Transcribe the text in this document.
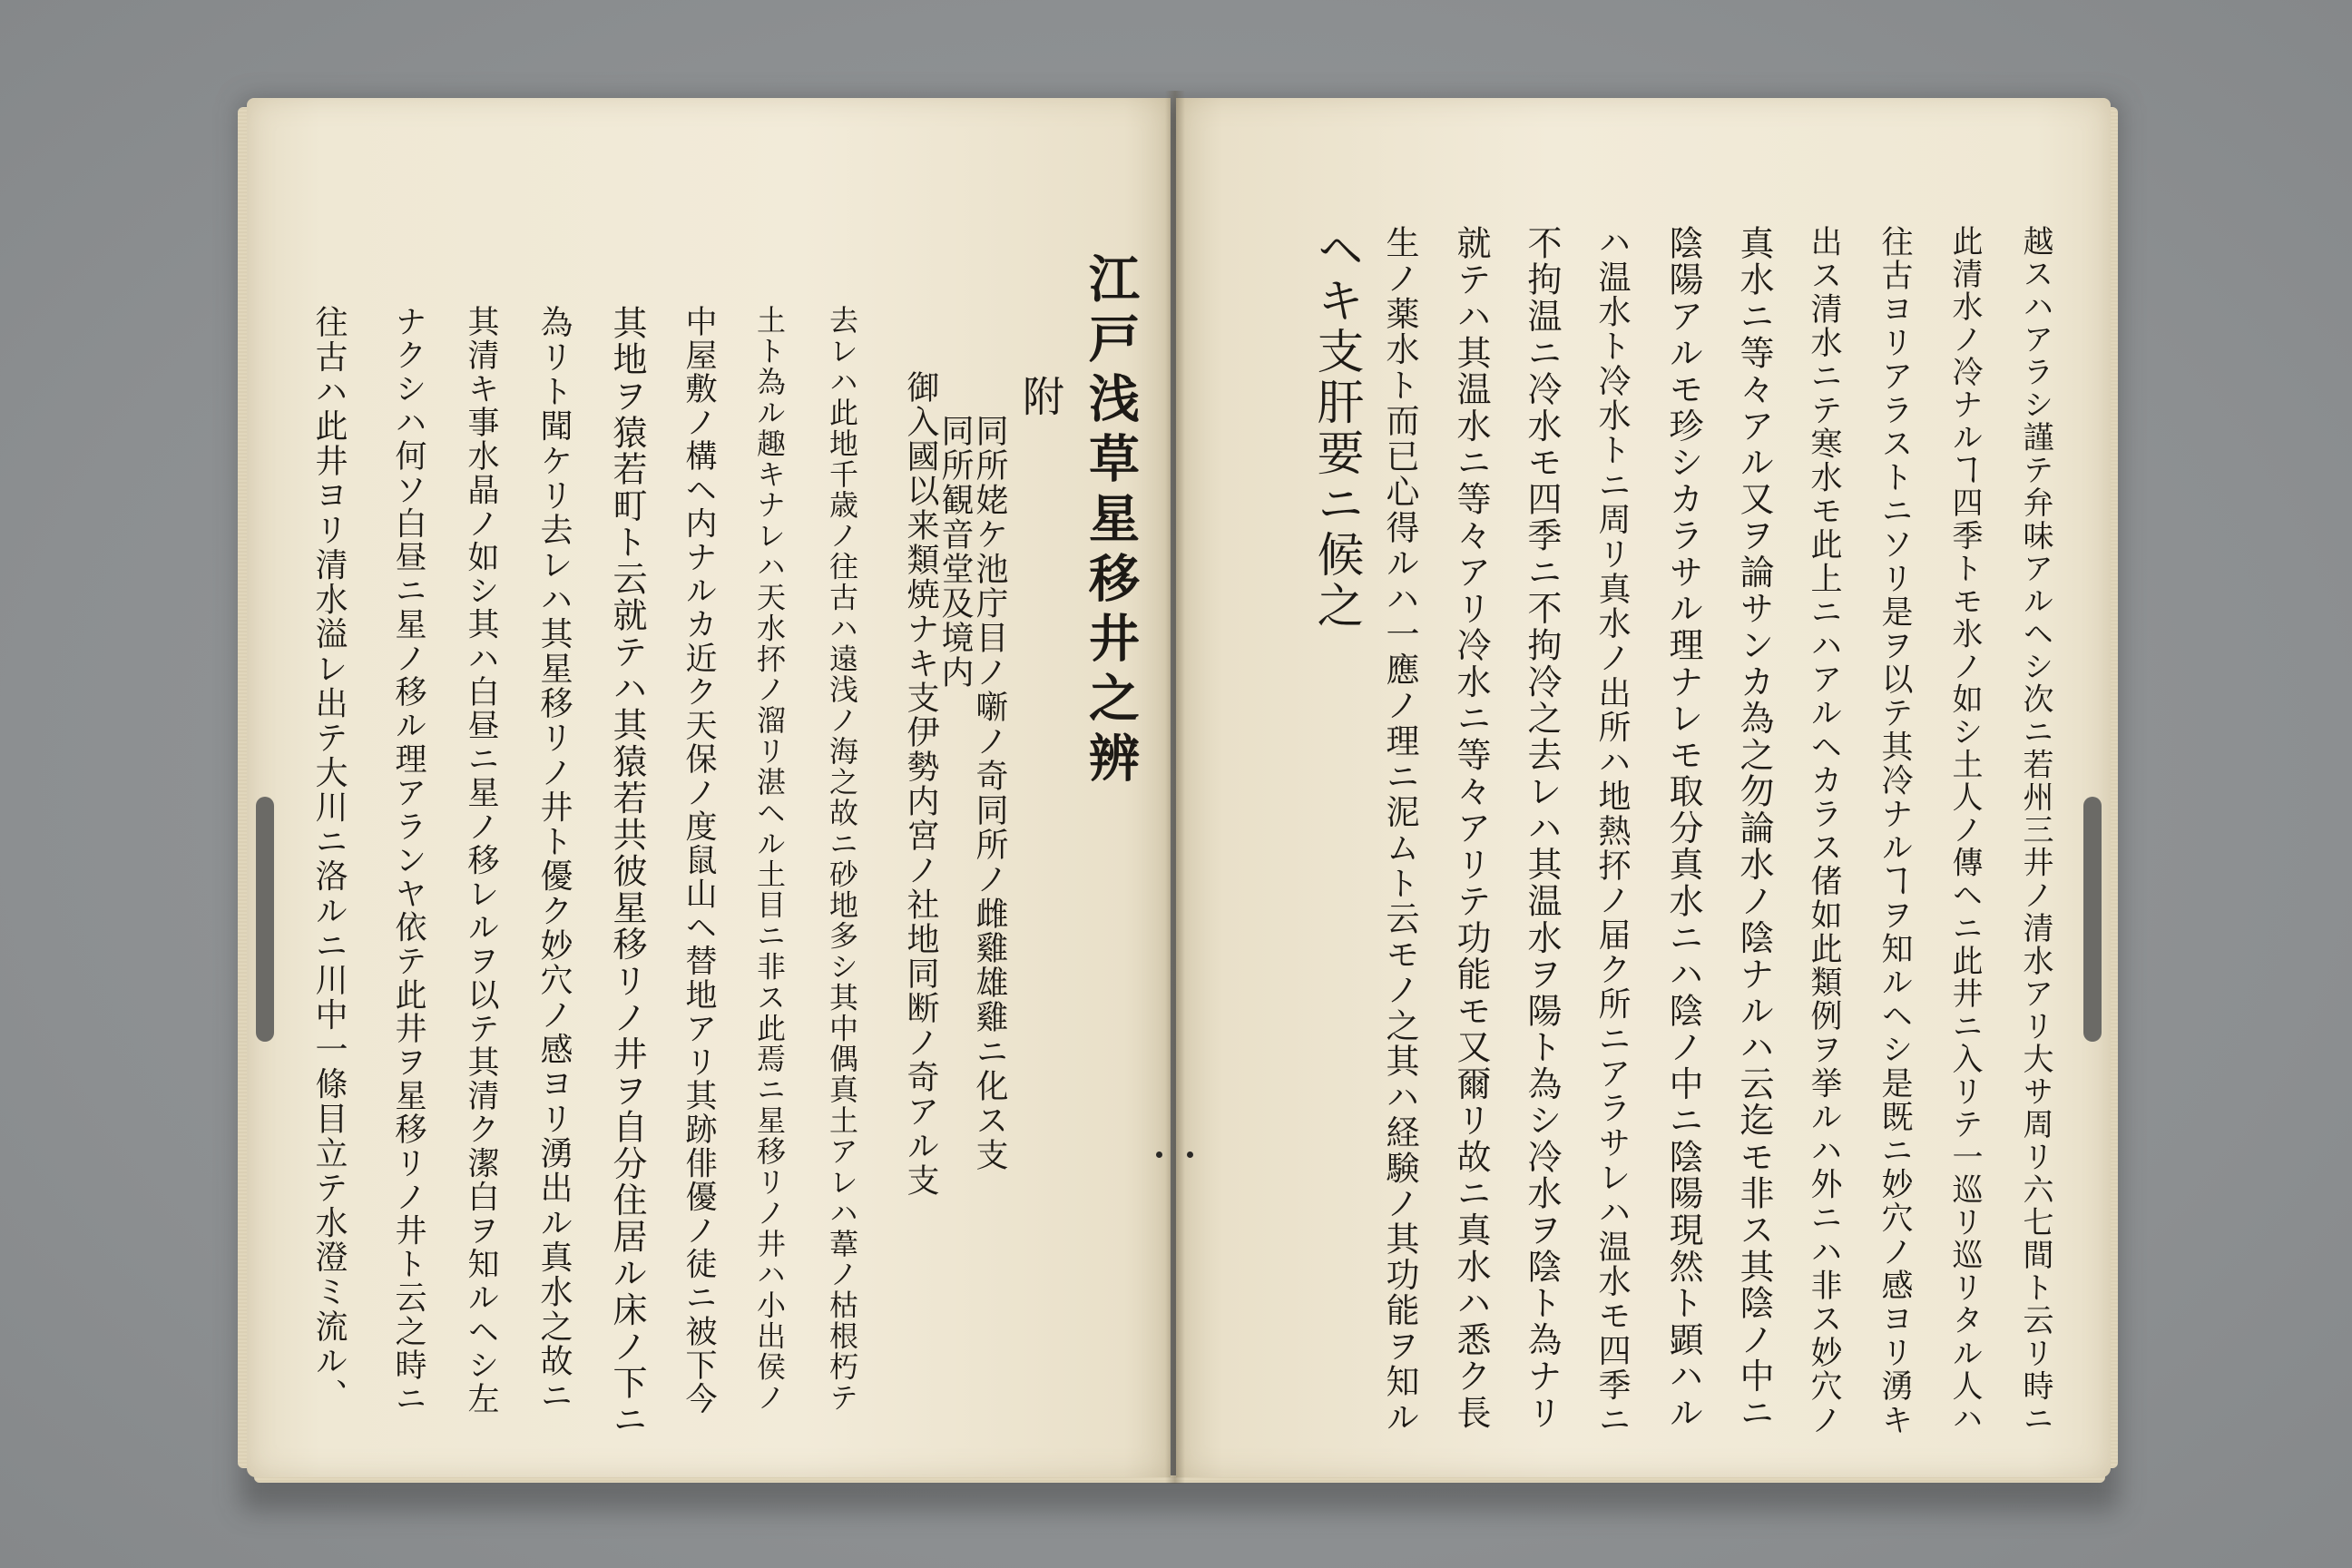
江戸浅草星移井之辨
附
同所姥ケ池庁目ノ噺ノ奇同所ノ雌雞雄雞ニ化ス支
同所観音堂及境内
御入國以来類焼ナキ支伊勢内宮ノ社地同断ノ奇アル支
去レハ此地千歳ノ往古ハ遠浅ノ海之故ニ砂地多シ其中偶真土アレハ葦ノ枯根朽テ
土ト為ル趣キナレハ天水抔ノ溜リ湛ヘル土目ニ非ス此焉ニ星移リノ井ハ小出侯ノ
中屋敷ノ構ヘ内ナルカ近ク天保ノ度鼠山ヘ替地アリ其跡俳優ノ徒ニ被下今
其地ヲ猿若町ト云就テハ其猿若共彼星移リノ井ヲ自分住居ル床ノ下ニ
為リト聞ケリ去レハ其星移リノ井ト優ク妙穴ノ感ヨリ湧出ル真水之故ニ
其清キ事水晶ノ如シ其ハ白昼ニ星ノ移レルヲ以テ其清ク潔白ヲ知ルヘシ左
ナクシハ何ソ白昼ニ星ノ移ル理アランヤ依テ此井ヲ星移リノ井ト云之時ニ
往古ハ此井ヨリ清水溢レ出テ大川ニ洛ルニ川中一條目立テ水澄ミ流ル、
　　　　　　　　　	越スハアラシ謹テ弁味アルヘシ次ニ若州三井ノ清水アリ大サ周リ六七間ト云リ時ニ
此清水ノ冷ナルヿ四季トモ氷ノ如シ土人ノ傳ヘニ此井ニ入リテ一巡リ巡リタル人ハ
往古ヨリアラストニソリ是ヲ以テ其冷ナルヿヲ知ルヘシ是既ニ妙穴ノ感ヨリ湧キ
出ス清水ニテ寒水モ此上ニハアルヘカラス偖如此類例ヲ挙ルハ外ニハ非ス妙穴ノ
真水ニ等々アル又ヲ論サンカ為之勿論水ノ陰ナルハ云迄モ非ス其陰ノ中ニ
陰陽アルモ珍シカラサル理ナレモ取分真水ニハ陰ノ中ニ陰陽現然ト顕ハル
ハ温水ト冷水トニ周リ真水ノ出所ハ地熱抔ノ届ク所ニアラサレハ温水モ四季ニ
不拘温ニ冷水モ四季ニ不拘冷之去レハ其温水ヲ陽ト為シ冷水ヲ陰ト為ナリ
就テハ其温水ニ等々アリ冷水ニ等々アリテ功能モ又爾リ故ニ真水ハ悉ク長
生ノ薬水ト而已心得ルハ一應ノ理ニ泥ムト云モノ之其ハ経験ノ其功能ヲ知ル
ヘキ支肝要ニ候之
